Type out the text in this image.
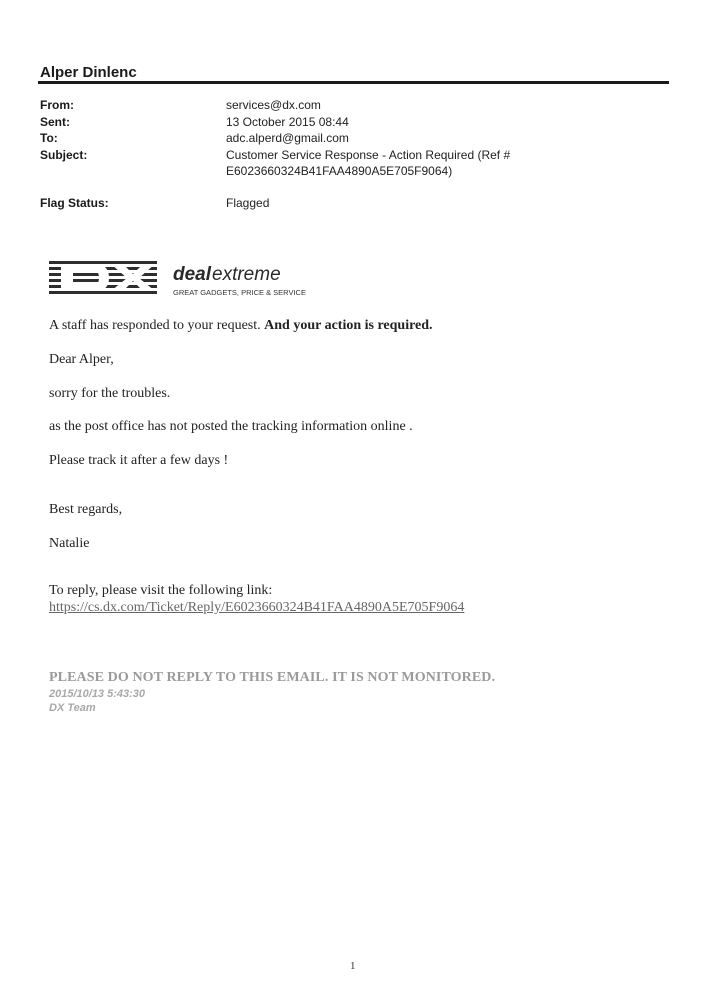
Alper Dinlenc
From:	services@dx.com
Sent:	13 October 2015 08:44
To:	adc.alperd@gmail.com
Subject:	Customer Service Response - Action Required (Ref #
E6023660324B41FAA4890A5E705F9064)
Flag Status:	Flagged
deal extreme
GREAT GADGETS, PRICE & SERVICE
A staff has responded to your request. And your action is required.
Dear Alper,
sorry for the troubles.
as the post office has not posted the tracking information online .
Please track it after a few days !
Best regards,
Natalie
To reply, please visit the following link:
https://cs.dx.com/Ticket/Reply/E6023660324B41FAA4890A5E705F9064
PLEASE DO NOT REPLY TO THIS EMAIL. IT IS NOT MONITORED.
2015/10/13 5:43:30
DX Team
1
